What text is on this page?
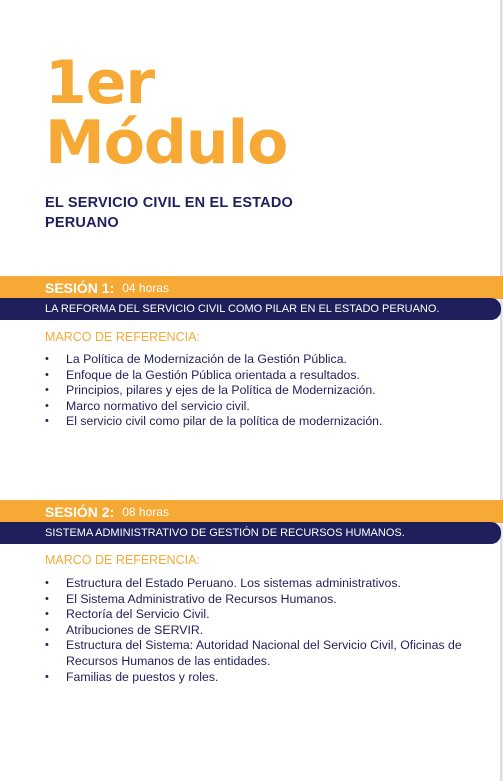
1er
Módulo

EL SERVICIO CIVIL EN EL ESTADO PERUANO

SESIÓN 1: 04 horas
LA REFORMA DEL SERVICIO CIVIL COMO PILAR EN EL ESTADO PERUANO.

MARCO DE REFERENCIA:

• La Política de Modernización de la Gestión Pública.
• Enfoque de la Gestión Pública orientada a resultados.
• Principios, pilares y ejes de la Política de Modernización.
• Marco normativo del servicio civil.
• El servicio civil como pilar de la política de modernización.
SESIÓN 2: 08 horas
SISTEMA ADMINISTRATIVO DE GESTIÓN DE RECURSOS HUMANOS.

MARCO DE REFERENCIA:

• Estructura del Estado Peruano. Los sistemas administrativos.
• El Sistema Administrativo de Recursos Humanos.
• Rectoría del Servicio Civil.
• Atribuciones de SERVIR.
• Estructura del Sistema: Autoridad Nacional del Servicio Civil, Oficinas de Recursos Humanos de las entidades.
• Familias de puestos y roles.
